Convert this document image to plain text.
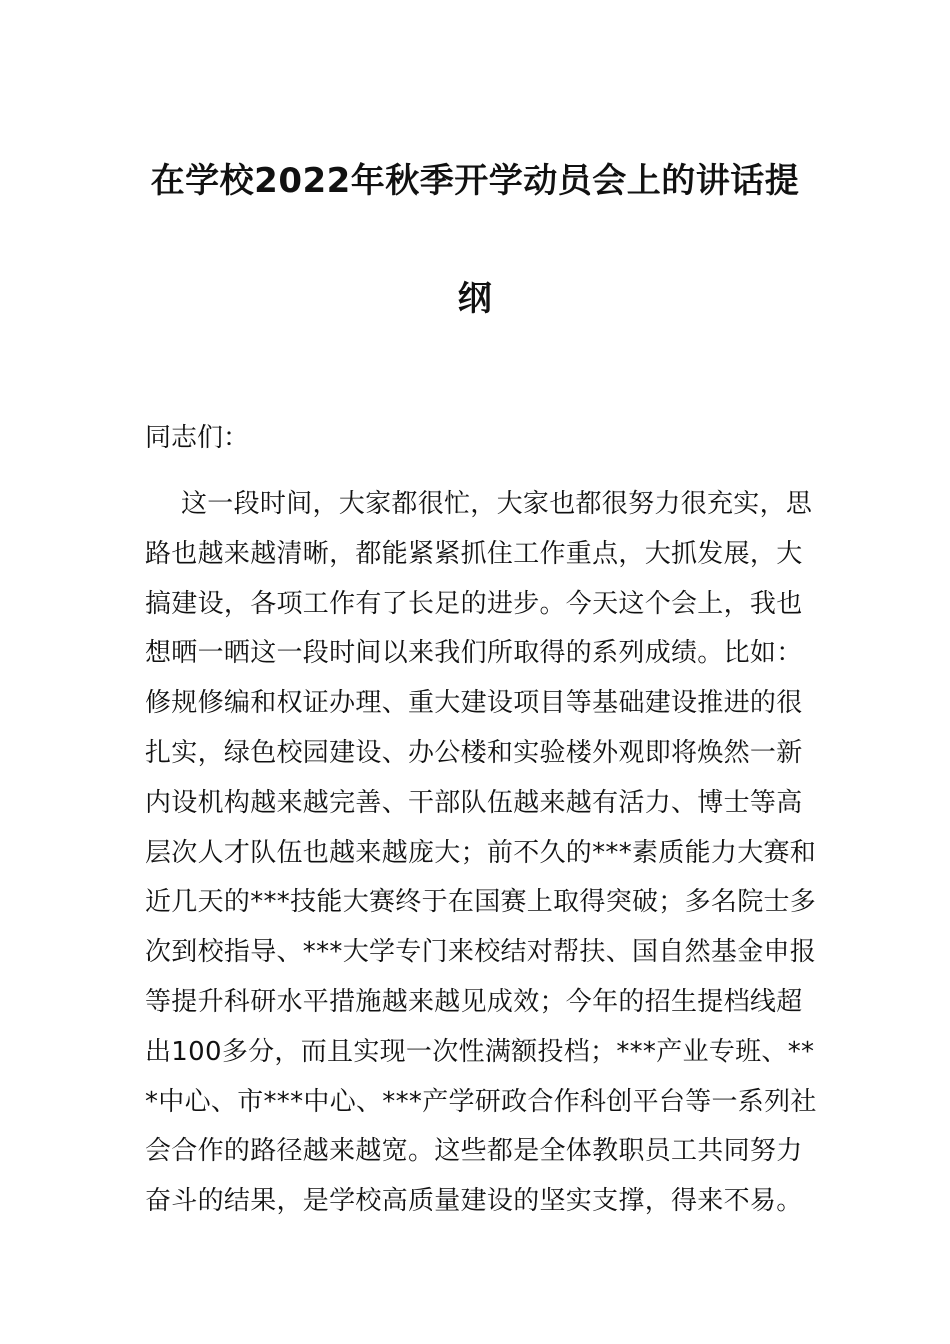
在学校2022年秋季开学动员会上的讲话提
纲

同志们：

这一段时间，大家都很忙，大家也都很努力很充实，思
路也越来越清晰，都能紧紧抓住工作重点，大抓发展，大
搞建设，各项工作有了长足的进步。今天这个会上，我也
想晒一晒这一段时间以来我们所取得的系列成绩。比如：
修规修编和权证办理、重大建设项目等基础建设推进的很
扎实，绿色校园建设、办公楼和实验楼外观即将焕然一新
内设机构越来越完善、干部队伍越来越有活力、博士等高
层次人才队伍也越来越庞大；前不久的***素质能力大赛和
近几天的***技能大赛终于在国赛上取得突破；多名院士多
次到校指导、***大学专门来校结对帮扶、国自然基金申报
等提升科研水平措施越来越见成效；今年的招生提档线超
出100多分，而且实现一次性满额投档；***产业专班、**
*中心、市***中心、***产学研政合作科创平台等一系列社
会合作的路径越来越宽。这些都是全体教职员工共同努力
奋斗的结果，是学校高质量建设的坚实支撑，得来不易。
